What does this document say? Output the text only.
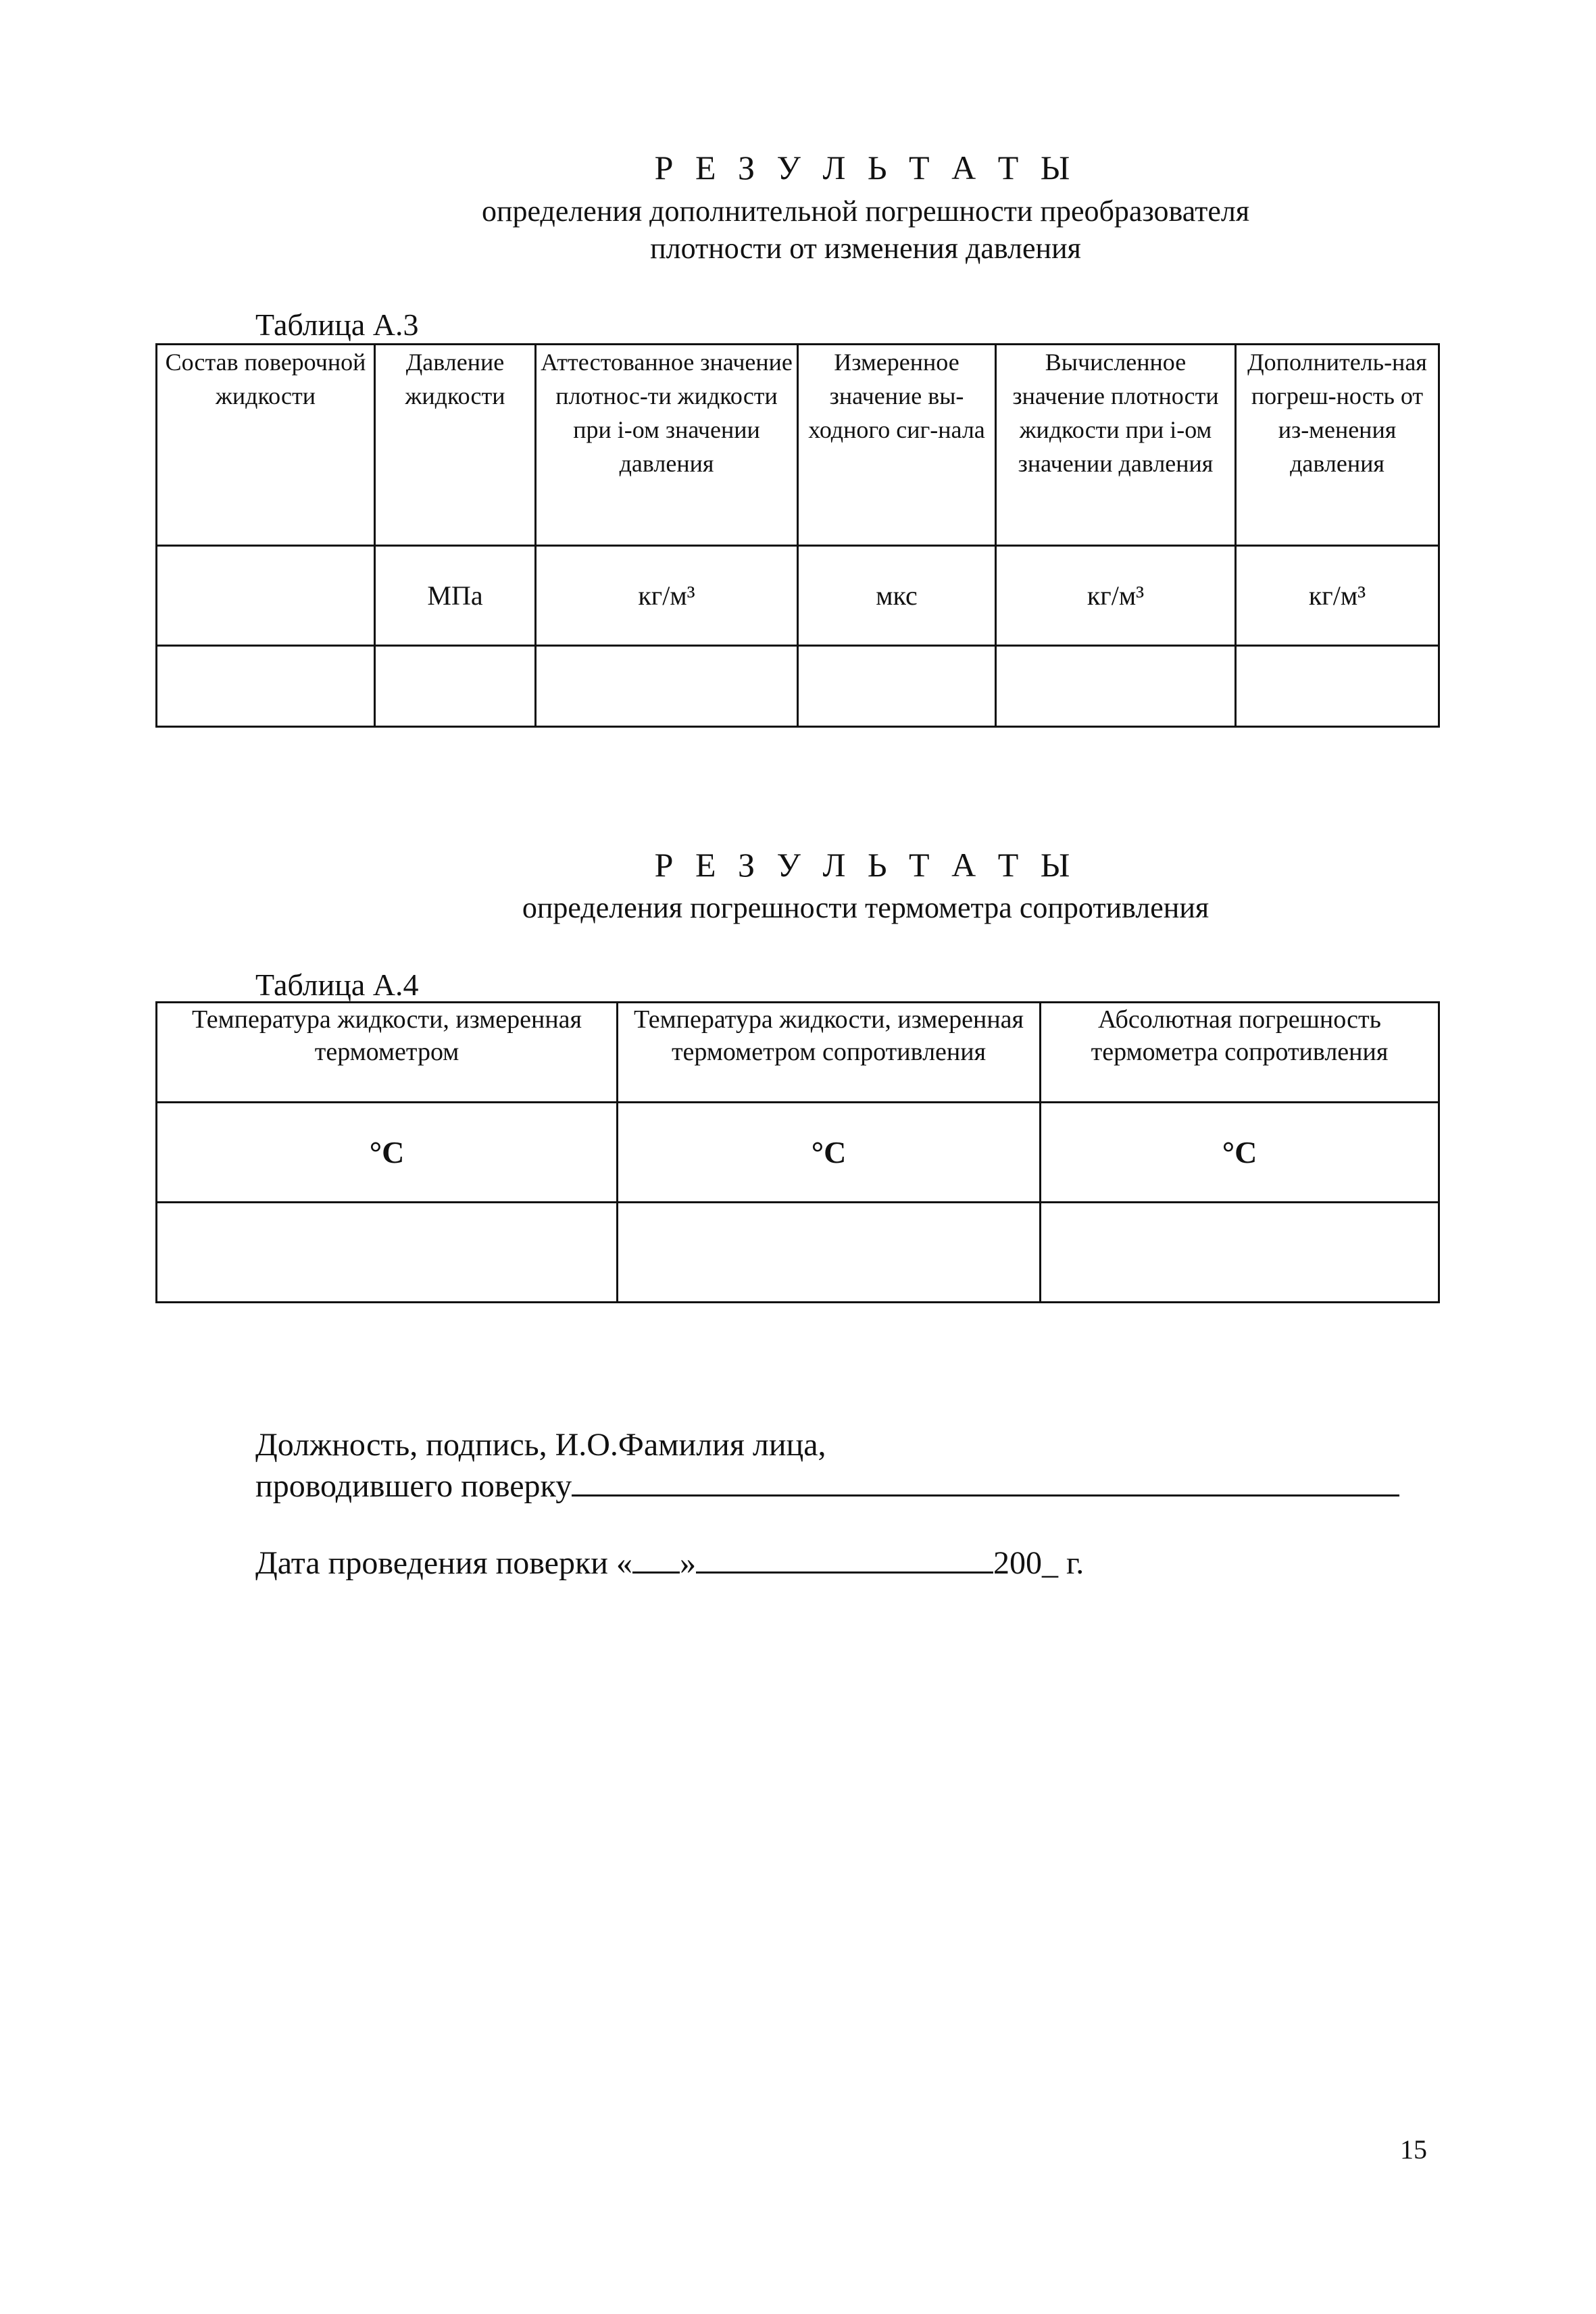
Р Е З У Л Ь Т А Т Ы
определения дополнительной погрешности преобразователя
плотности от изменения давления
Таблица А.3
Состав поверочной жидкости	Давление жидкости	Аттестованное значение плотнос-ти жидкости при i-ом значении давления	Измеренное значение вы-ходного сиг-нала	Вычисленное значение плотности жидкости при i-ом значении давления	Дополнитель-ная погреш-ность от из-менения давления
	МПа	кг/м³	мкс	кг/м³	кг/м³

Р Е З У Л Ь Т А Т Ы
определения погрешности термометра сопротивления
Таблица А.4
Температура жидкости, измеренная термометром	Температура жидкости, измеренная термометром сопротивления	Абсолютная погрешность термометра сопротивления
°С	°С	°С

Должность, подпись, И.О.Фамилия лица,
проводившего поверку
Дата проведения поверки « »	200_ г.
15
